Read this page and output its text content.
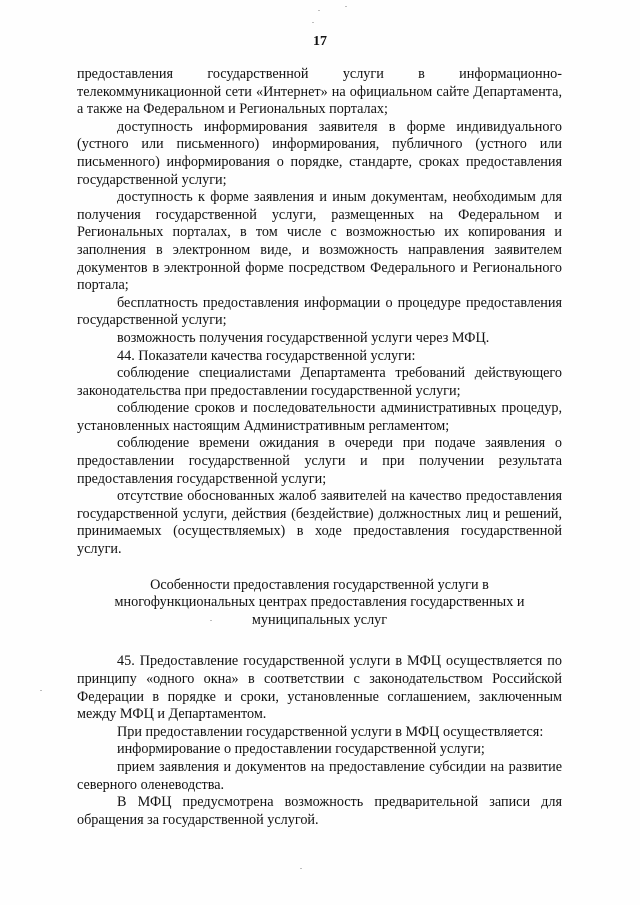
17

предоставления государственной услуги в информационно-телекоммуникационной сети «Интернет» на официальном сайте Департамента, а также на Федеральном и Региональных порталах;

доступность информирования заявителя в форме индивидуального (устного или письменного) информирования, публичного (устного или письменного) информирования о порядке, стандарте, сроках предоставления государственной услуги;

доступность к форме заявления и иным документам, необходимым для получения государственной услуги, размещенных на Федеральном и Региональных порталах, в том числе с возможностью их копирования и заполнения в электронном виде, и возможность направления заявителем документов в электронной форме посредством Федерального и Регионального портала;

бесплатность предоставления информации о процедуре предоставления государственной услуги;

возможность получения государственной услуги через МФЦ.

44. Показатели качества государственной услуги:

соблюдение специалистами Департамента требований действующего законодательства при предоставлении государственной услуги;

соблюдение сроков и последовательности административных процедур, установленных настоящим Административным регламентом;

соблюдение времени ожидания в очереди при подаче заявления о предоставлении государственной услуги и при получении результата предоставления государственной услуги;

отсутствие обоснованных жалоб заявителей на качество предоставления государственной услуги, действия (бездействие) должностных лиц и решений, принимаемых (осуществляемых) в ходе предоставления государственной услуги.

Особенности предоставления государственной услуги в

многофункциональных центрах предоставления государственных и

муниципальных услуг

45. Предоставление государственной услуги в МФЦ осуществляется по принципу «одного окна» в соответствии с законодательством Российской Федерации в порядке и сроки, установленные соглашением, заключенным между МФЦ и Департаментом.

При предоставлении государственной услуги в МФЦ осуществляется:

информирование о предоставлении государственной услуги;

прием заявления и документов на предоставление субсидии на развитие северного оленеводства.

В МФЦ предусмотрена возможность предварительной записи для обращения за государственной услугой.
